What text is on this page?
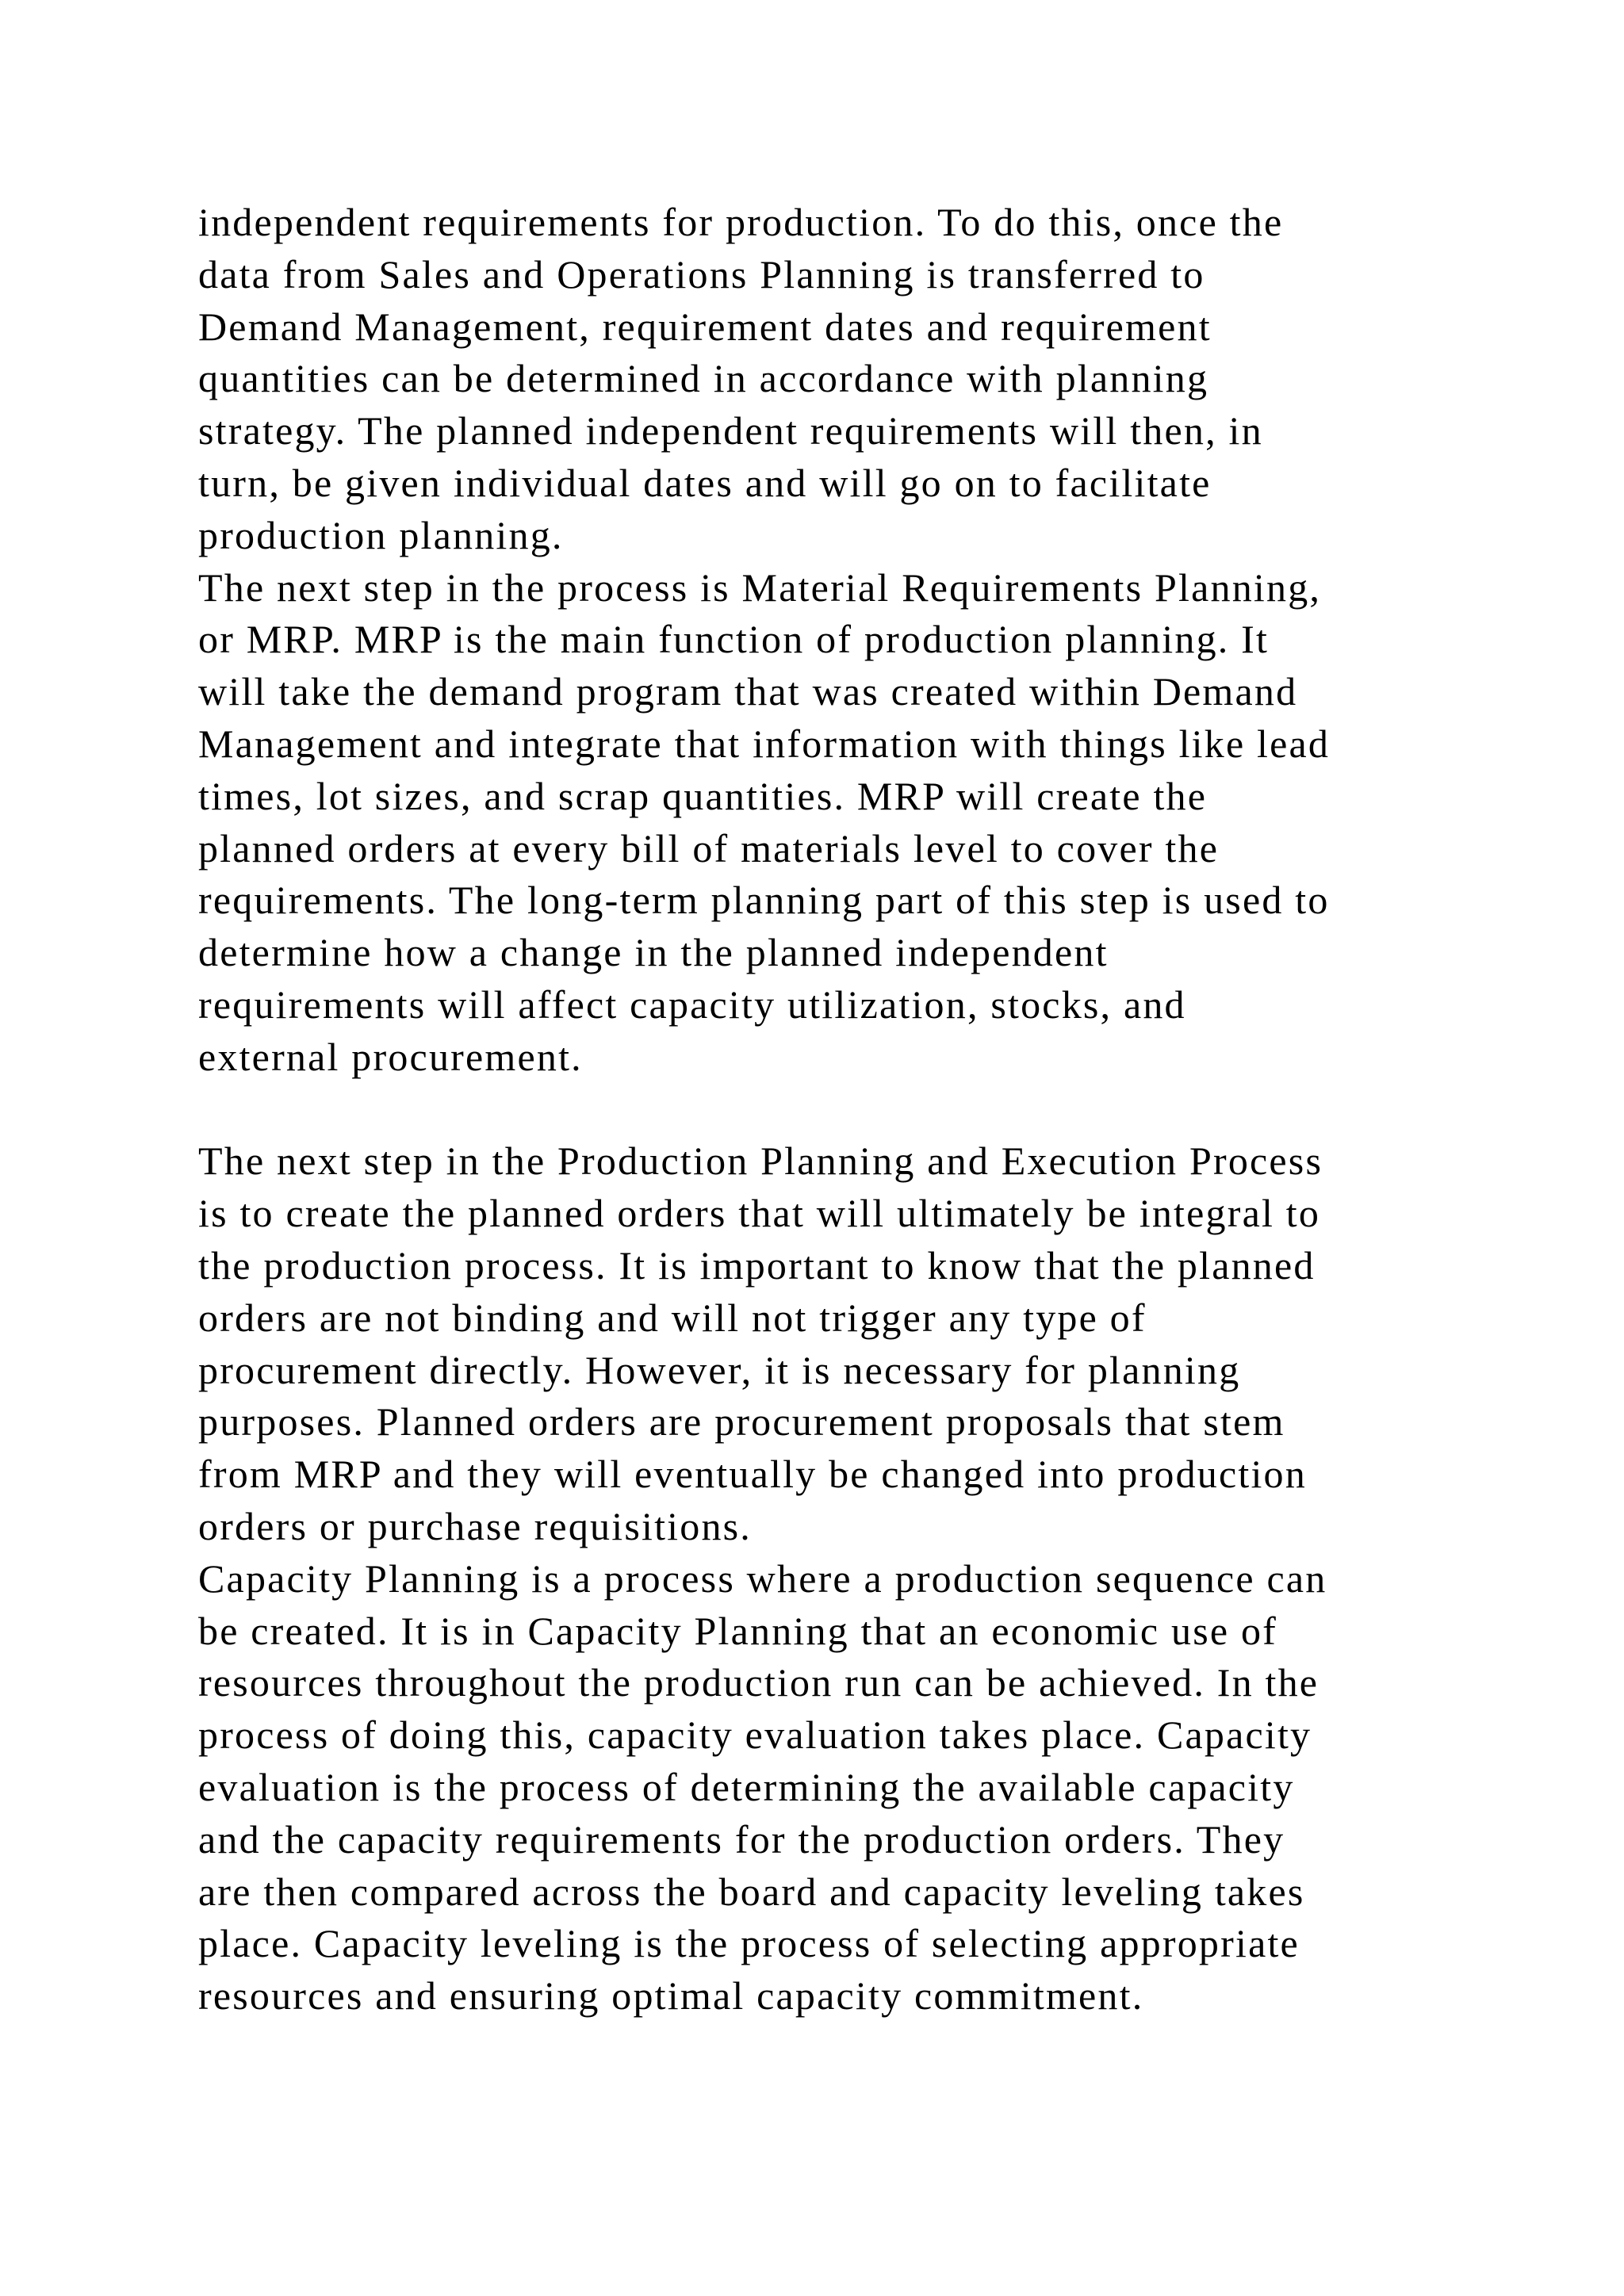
independent requirements for production. To do this, once the
data from Sales and Operations Planning is transferred to
Demand Management, requirement dates and requirement
quantities can be determined in accordance with planning
strategy. The planned independent requirements will then, in
turn, be given individual dates and will go on to facilitate
production planning.
The next step in the process is Material Requirements Planning,
or MRP. MRP is the main function of production planning. It
will take the demand program that was created within Demand
Management and integrate that information with things like lead
times, lot sizes, and scrap quantities. MRP will create the
planned orders at every bill of materials level to cover the
requirements. The long-term planning part of this step is used to
determine how a change in the planned independent
requirements will affect capacity utilization, stocks, and
external procurement.
The next step in the Production Planning and Execution Process
is to create the planned orders that will ultimately be integral to
the production process. It is important to know that the planned
orders are not binding and will not trigger any type of
procurement directly. However, it is necessary for planning
purposes. Planned orders are procurement proposals that stem
from MRP and they will eventually be changed into production
orders or purchase requisitions.
Capacity Planning is a process where a production sequence can
be created. It is in Capacity Planning that an economic use of
resources throughout the production run can be achieved. In the
process of doing this, capacity evaluation takes place. Capacity
evaluation is the process of determining the available capacity
and the capacity requirements for the production orders. They
are then compared across the board and capacity leveling takes
place. Capacity leveling is the process of selecting appropriate
resources and ensuring optimal capacity commitment.
